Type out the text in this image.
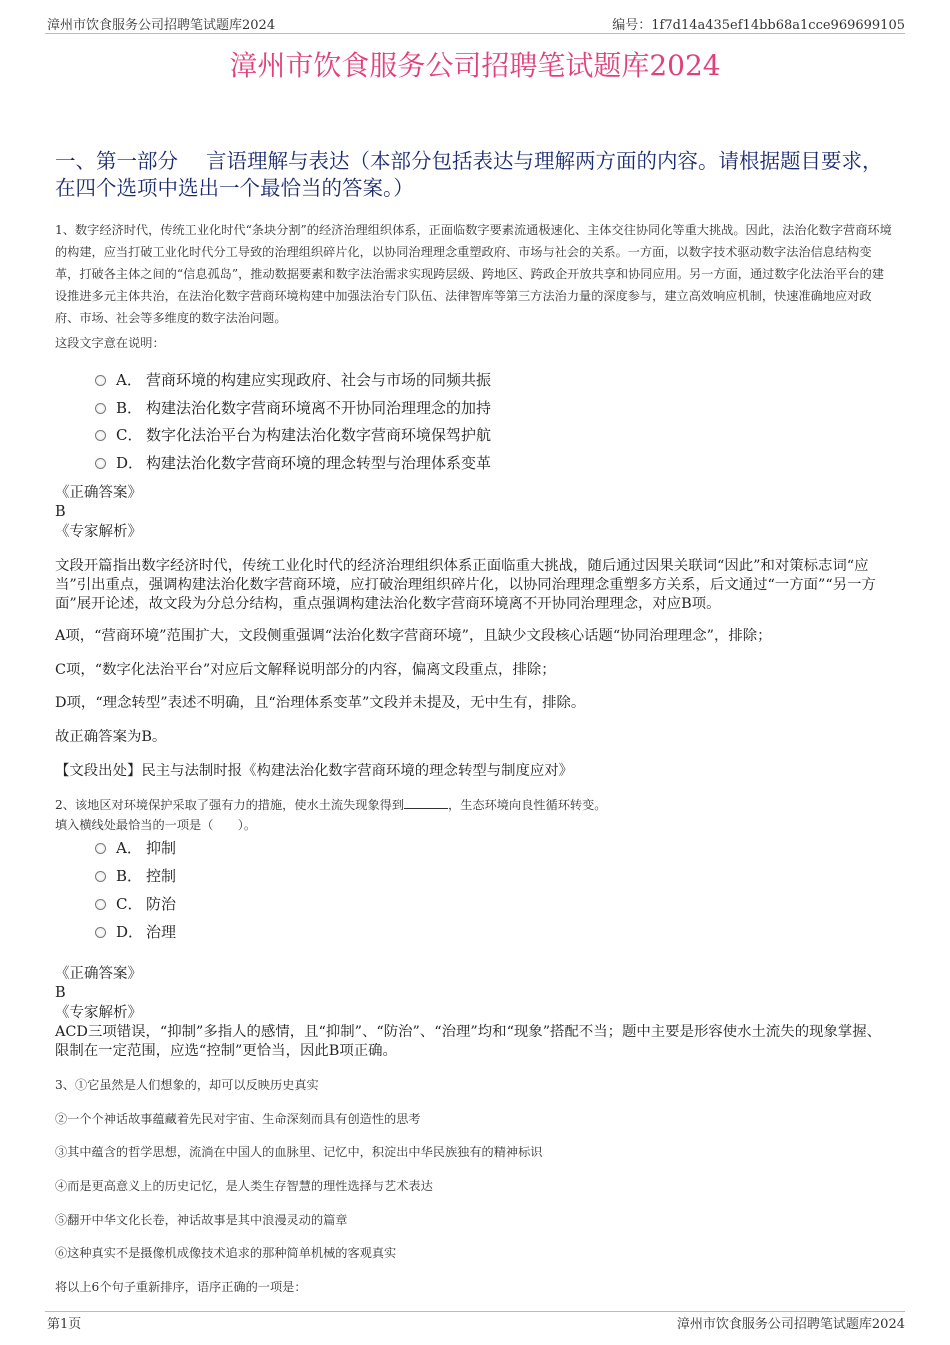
漳州市饮食服务公司招聘笔试题库2024	编号：1f7d14a435ef14bb68a1cce969699105
漳州市饮食服务公司招聘笔试题库2024

一、第一部分 言语理解与表达（本部分包括表达与理解两方面的内容。请根据题目要求，在四个选项中选出一个最恰当的答案。）

1、数字经济时代，传统工业化时代“条块分割”的经济治理组织体系，正面临数字要素流通极速化、主体交往协同化等重大挑战。因此，法治化数字营商环境的构建，应当打破工业化时代分工导致的治理组织碎片化，以协同治理理念重塑政府、市场与社会的关系。一方面，以数字技术驱动数字法治信息结构变革，打破各主体之间的“信息孤岛”，推动数据要素和数字法治需求实现跨层级、跨地区、跨政企开放共享和协同应用。另一方面，通过数字化法治平台的建设推进多元主体共治，在法治化数字营商环境构建中加强法治专门队伍、法律智库等第三方法治力量的深度参与，建立高效响应机制，快速准确地应对政府、市场、社会等多维度的数字法治问题。

这段文字意在说明：

A． 营商环境的构建应实现政府、社会与市场的同频共振
B． 构建法治化数字营商环境离不开协同治理理念的加持
C． 数字化法治平台为构建法治化数字营商环境保驾护航
D． 构建法治化数字营商环境的理念转型与治理体系变革

《正确答案》

B

《专家解析》

文段开篇指出数字经济时代，传统工业化时代的经济治理组织体系正面临重大挑战，随后通过因果关联词“因此”和对策标志词“应当”引出重点，强调构建法治化数字营商环境，应打破治理组织碎片化，以协同治理理念重塑多方关系，后文通过“一方面”“另一方面”展开论述，故文段为分总分结构，重点强调构建法治化数字营商环境离不开协同治理理念，对应B项。

A项，“营商环境”范围扩大，文段侧重强调“法治化数字营商环境”，且缺少文段核心话题“协同治理理念”，排除；

C项，“数字化法治平台”对应后文解释说明部分的内容，偏离文段重点，排除；

D项，“理念转型”表述不明确，且“治理体系变革”文段并未提及，无中生有，排除。

故正确答案为B。

【文段出处】民主与法制时报《构建法治化数字营商环境的理念转型与制度应对》

2、该地区对环境保护采取了强有力的措施，使水土流失现象得到	，生态环境向良性循环转变。

填入横线处最恰当的一项是（　　）。

A． 抑制
B． 控制
C． 防治
D． 治理

《正确答案》

B

《专家解析》

ACD三项错误，“抑制”多指人的感情，且“抑制”、“防治”、“治理”均和“现象”搭配不当；题中主要是形容使水土流失的现象掌握、限制在一定范围，应选“控制”更恰当，因此B项正确。

3、①它虽然是人们想象的，却可以反映历史真实

②一个个神话故事蕴藏着先民对宇宙、生命深刻而具有创造性的思考

③其中蕴含的哲学思想，流淌在中国人的血脉里、记忆中，积淀出中华民族独有的精神标识

④而是更高意义上的历史记忆，是人类生存智慧的理性选择与艺术表达

⑤翻开中华文化长卷，神话故事是其中浪漫灵动的篇章

⑥这种真实不是摄像机成像技术追求的那种简单机械的客观真实

将以上6个句子重新排序，语序正确的一项是：

第1页	漳州市饮食服务公司招聘笔试题库2024
